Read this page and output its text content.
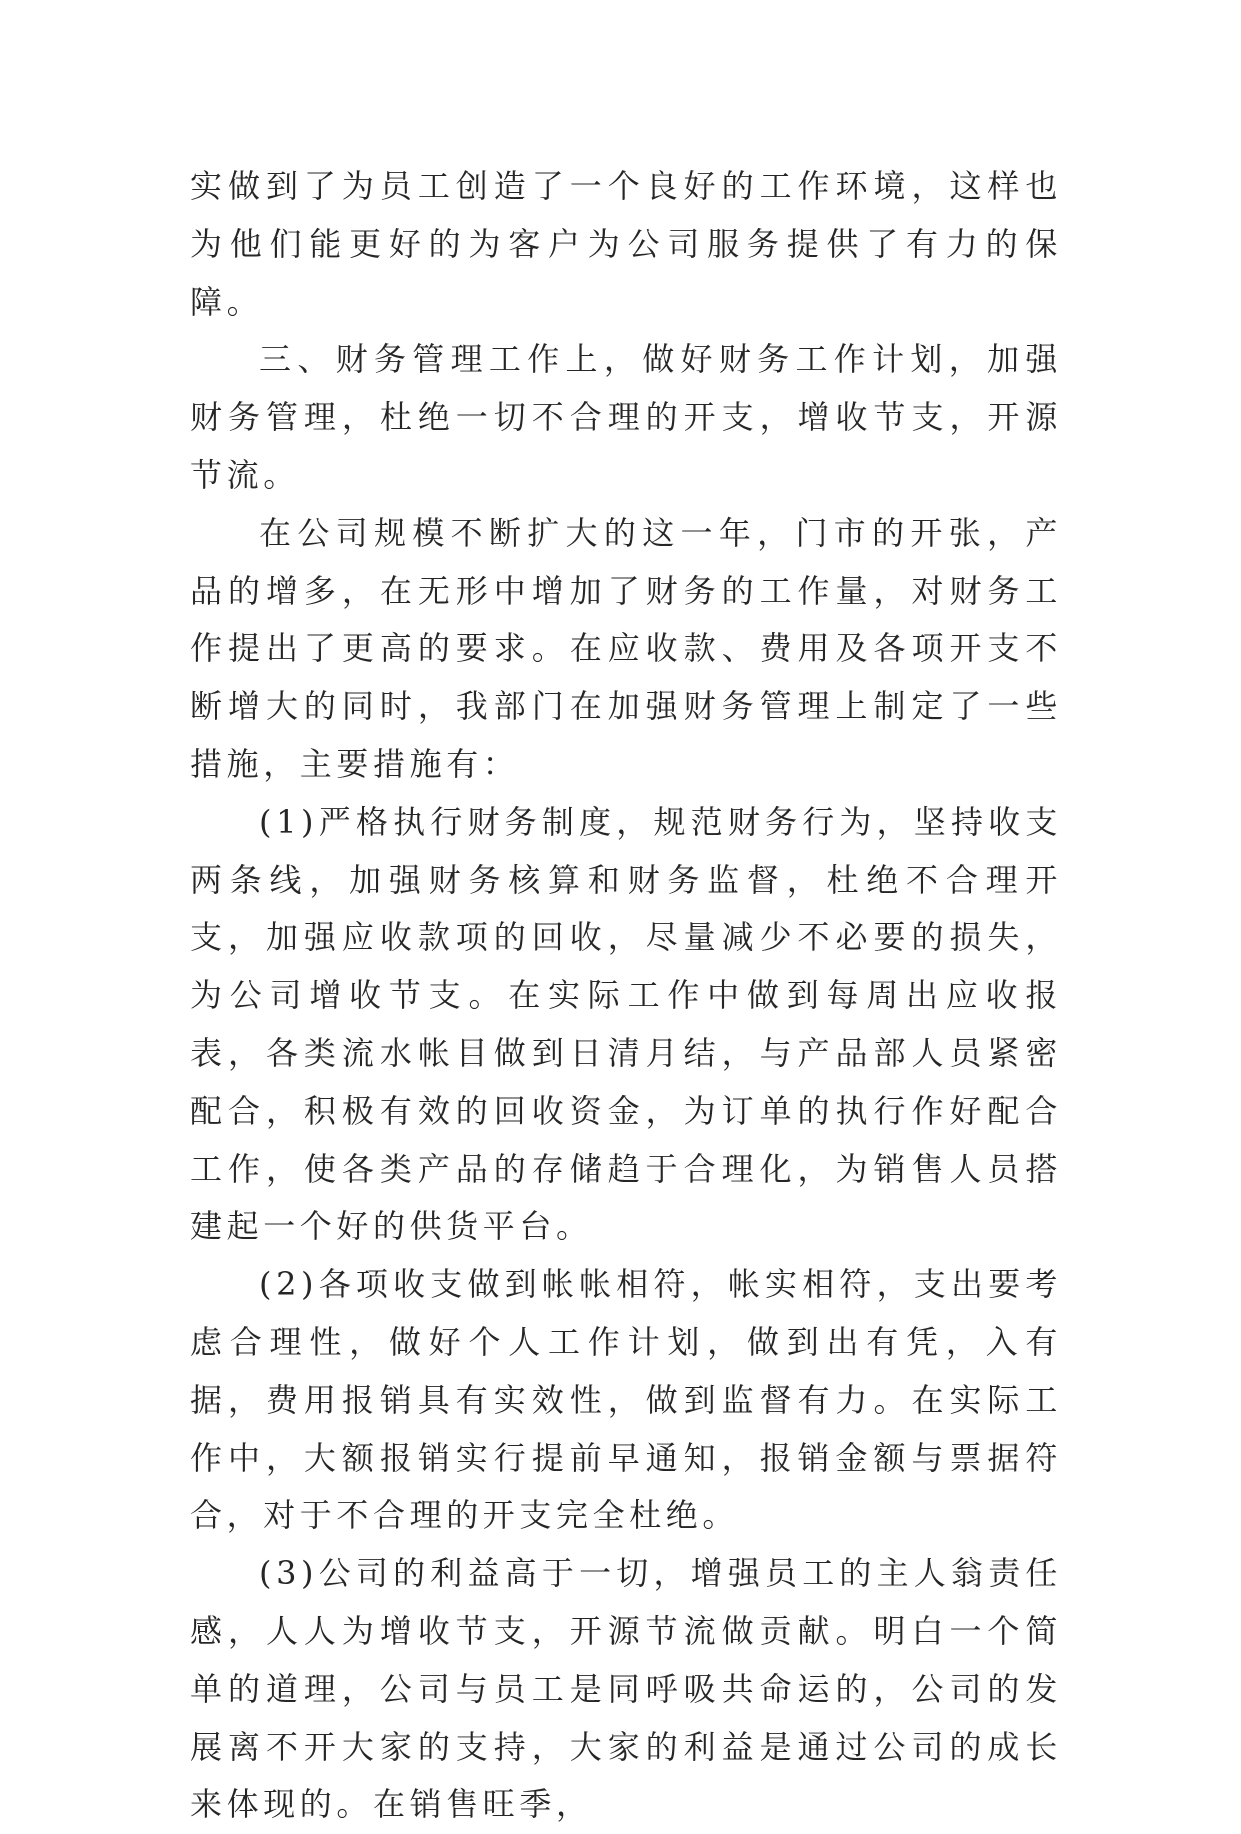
实做到了为员工创造了一个良好的工作环境，这样也为他们能更好的为客户为公司服务提供了有力的保障。

三、财务管理工作上，做好财务工作计划，加强财务管理，杜绝一切不合理的开支，增收节支，开源节流。

在公司规模不断扩大的这一年，门市的开张，产品的增多，在无形中增加了财务的工作量，对财务工作提出了更高的要求。在应收款、费用及各项开支不断增大的同时，我部门在加强财务管理上制定了一些措施，主要措施有：

(1)严格执行财务制度，规范财务行为，坚持收支两条线，加强财务核算和财务监督，杜绝不合理开支，加强应收款项的回收，尽量减少不必要的损失，为公司增收节支。在实际工作中做到每周出应收报表，各类流水帐目做到日清月结，与产品部人员紧密配合，积极有效的回收资金，为订单的执行作好配合工作，使各类产品的存储趋于合理化，为销售人员搭建起一个好的供货平台。

(2)各项收支做到帐帐相符，帐实相符，支出要考虑合理性，做好个人工作计划，做到出有凭，入有据，费用报销具有实效性，做到监督有力。在实际工作中，大额报销实行提前早通知，报销金额与票据符合，对于不合理的开支完全杜绝。

(3)公司的利益高于一切，增强员工的主人翁责任感，人人为增收节支，开源节流做贡献。明白一个简单的道理，公司与员工是同呼吸共命运的，公司的发展离不开大家的支持，大家的利益是通过公司的成长来体现的。在销售旺季，
